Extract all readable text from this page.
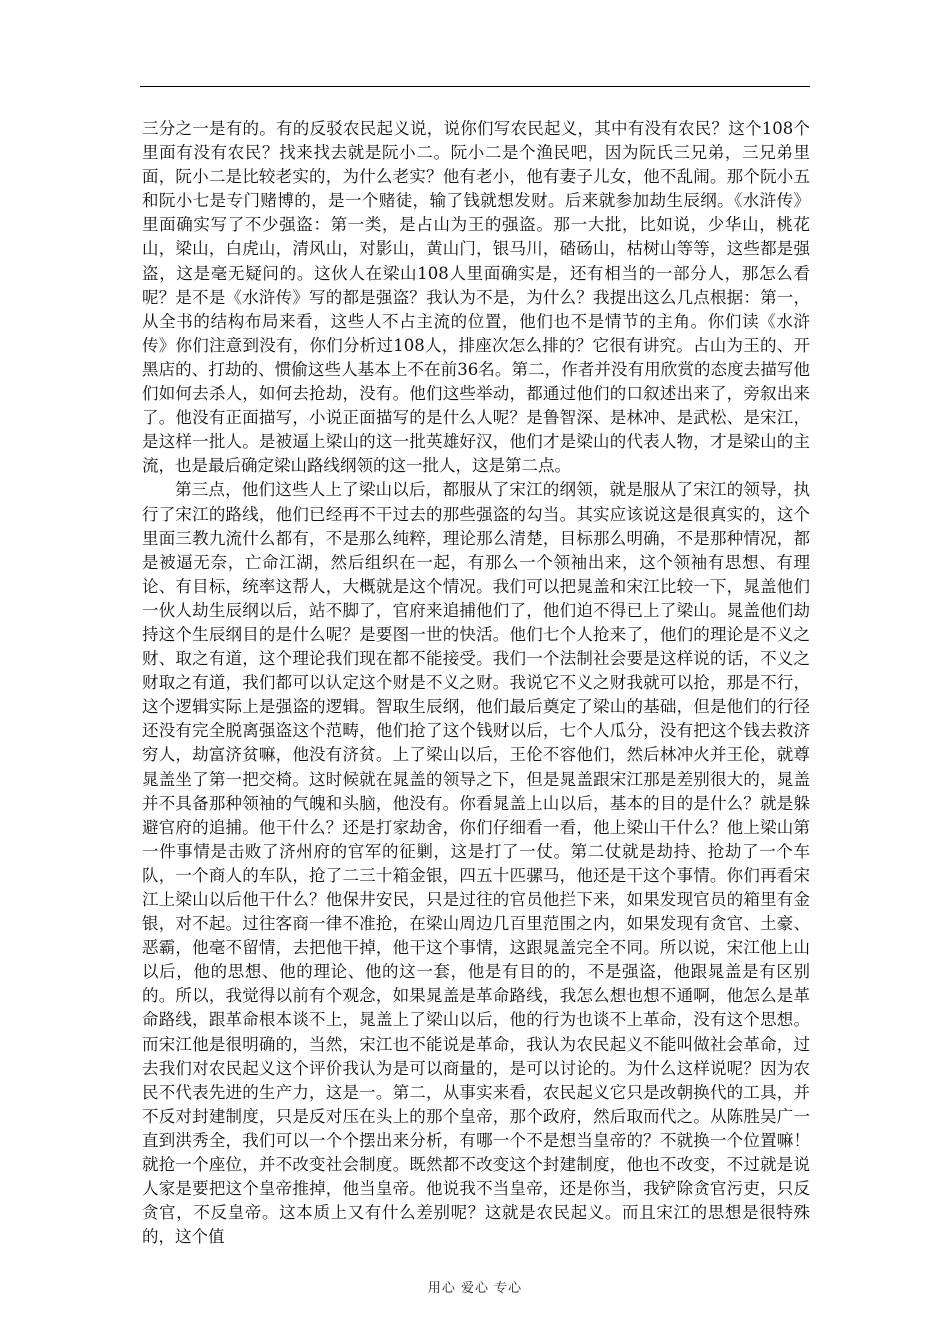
三分之一是有的。有的反驳农民起义说，说你们写农民起义，其中有没有农民？这个108个里面有没有农民？找来找去就是阮小二。阮小二是个渔民吧，因为阮氏三兄弟，三兄弟里面，阮小二是比较老实的，为什么老实？他有老小，他有妻子儿女，他不乱闹。那个阮小五和阮小七是专门赌博的，是一个赌徒，输了钱就想发财。后来就参加劫生辰纲。《水浒传》里面确实写了不少强盗：第一类，是占山为王的强盗。那一大批，比如说，少华山，桃花山，梁山，白虎山，清风山，对影山，黄山门，银马川，䂿砀山，枯树山等等，这些都是强盗，这是毫无疑问的。这伙人在梁山108人里面确实是，还有相当的一部分人，那怎么看呢？是不是《水浒传》写的都是强盗？我认为不是，为什么？我提出这么几点根据：第一，从全书的结构布局来看，这些人不占主流的位置，他们也不是情节的主角。你们读《水浒传》你们注意到没有，你们分析过108人，排座次怎么排的？它很有讲究。占山为王的、开黑店的、打劫的、惯偷这些人基本上不在前36名。第二，作者并没有用欣赏的态度去描写他们如何去杀人，如何去抢劫，没有。他们这些举动，都通过他们的口叙述出来了，旁叙出来了。他没有正面描写，小说正面描写的是什么人呢？是鲁智深、是林冲、是武松、是宋江，是这样一批人。是被逼上梁山的这一批英雄好汉，他们才是梁山的代表人物，才是梁山的主流，也是最后确定梁山路线纲领的这一批人，这是第二点。

第三点，他们这些人上了梁山以后，都服从了宋江的纲领，就是服从了宋江的领导，执行了宋江的路线，他们已经再不干过去的那些强盗的勾当。其实应该说这是很真实的，这个里面三教九流什么都有，不是那么纯粹，理论那么清楚，目标那么明确，不是那种情况，都是被逼无奈，亡命江湖，然后组织在一起，有那么一个领袖出来，这个领袖有思想、有理论、有目标，统率这帮人，大概就是这个情况。我们可以把晁盖和宋江比较一下，晁盖他们一伙人劫生辰纲以后，站不脚了，官府来追捕他们了，他们迫不得已上了梁山。晁盖他们劫持这个生辰纲目的是什么呢？是要图一世的快活。他们七个人抢来了，他们的理论是不义之财、取之有道，这个理论我们现在都不能接受。我们一个法制社会要是这样说的话，不义之财取之有道，我们都可以认定这个财是不义之财。我说它不义之财我就可以抢，那是不行，这个逻辑实际上是强盗的逻辑。智取生辰纲，他们最后奠定了梁山的基础，但是他们的行径还没有完全脱离强盗这个范畴，他们抢了这个钱财以后，七个人瓜分，没有把这个钱去救济穷人，劫富济贫嘛，他没有济贫。上了梁山以后，王伦不容他们，然后林冲火并王伦，就尊晁盖坐了第一把交椅。这时候就在晁盖的领导之下，但是晁盖跟宋江那是差别很大的，晁盖并不具备那种领袖的气魄和头脑，他没有。你看晁盖上山以后，基本的目的是什么？就是躲避官府的追捕。他干什么？还是打家劫舍，你们仔细看一看，他上梁山干什么？他上梁山第一件事情是击败了济州府的官军的征剿，这是打了一仗。第二仗就是劫持、抢劫了一个车队，一个商人的车队，抢了二三十箱金银，四五十匹骡马，他还是干这个事情。你们再看宋江上梁山以后他干什么？他保井安民，只是过往的官员他拦下来，如果发现官员的箱里有金银，对不起。过往客商一律不准抢，在梁山周边几百里范围之内，如果发现有贪官、土豪、恶霸，他毫不留情，去把他干掉，他干这个事情，这跟晁盖完全不同。所以说，宋江他上山以后，他的思想、他的理论、他的这一套，他是有目的的，不是强盗，他跟晁盖是有区别的。所以，我觉得以前有个观念，如果晁盖是革命路线，我怎么想也想不通啊，他怎么是革命路线，跟革命根本谈不上，晁盖上了梁山以后，他的行为也谈不上革命，没有这个思想。而宋江他是很明确的，当然，宋江也不能说是革命，我认为农民起义不能叫做社会革命，过去我们对农民起义这个评价我认为是可以商量的，是可以讨论的。为什么这样说呢？因为农民不代表先进的生产力，这是一。第二，从事实来看，农民起义它只是改朝换代的工具，并不反对封建制度，只是反对压在头上的那个皇帝，那个政府，然后取而代之。从陈胜吴广一直到洪秀全，我们可以一个个摆出来分析，有哪一个不是想当皇帝的？不就换一个位置嘛！就抢一个座位，并不改变社会制度。既然都不改变这个封建制度，他也不改变，不过就是说人家是要把这个皇帝推掉，他当皇帝。他说我不当皇帝，还是你当，我铲除贪官污吏，只反贪官，不反皇帝。这本质上又有什么差别呢？这就是农民起义。而且宋江的思想是很特殊的，这个值

用心 爱心 专心
